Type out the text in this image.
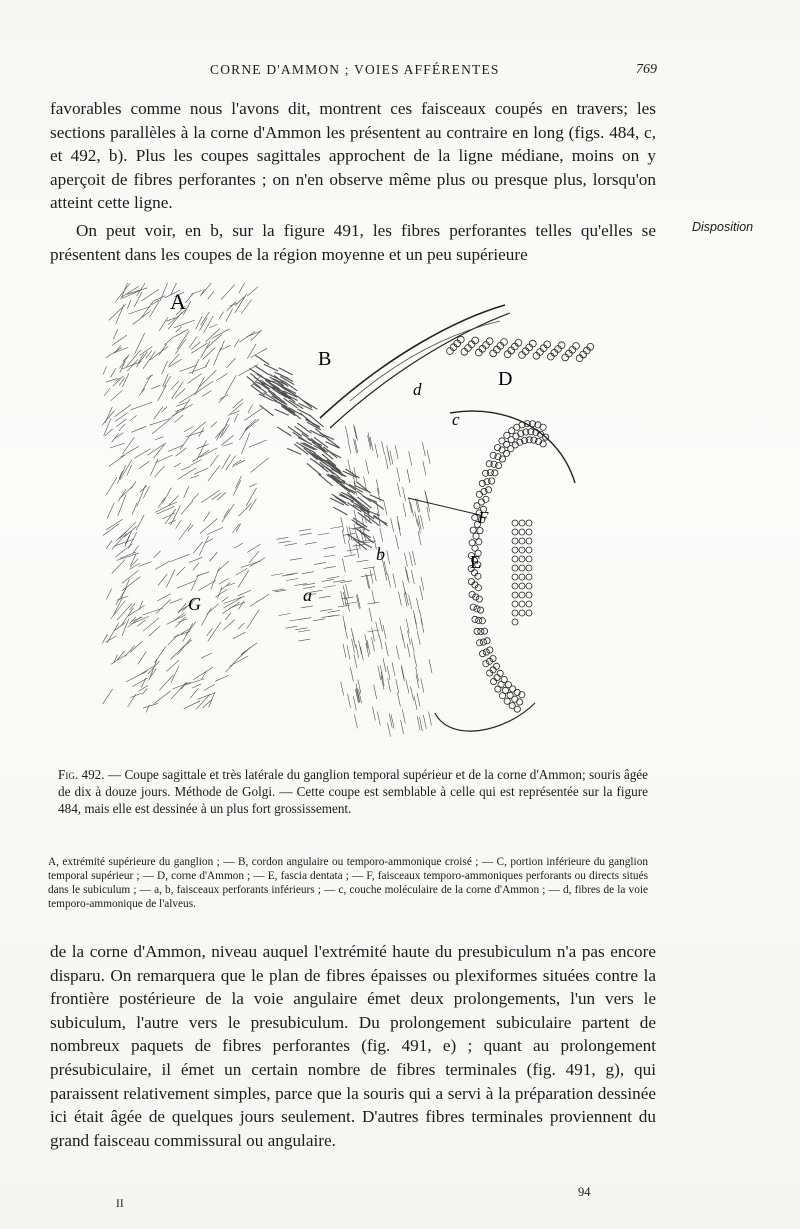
CORNE D'AMMON ; VOIES AFFÉRENTES	769

favorables comme nous l'avons dit, montrent ces faisceaux coupés en travers; les sections parallèles à la corne d'Ammon les présentent au contraire en long (figs. 484, c, et 492, b). Plus les coupes sagittales approchent de la ligne médiane, moins on y aperçoit de fibres perforantes ; on n'en observe même plus ou presque plus, lorsqu'on atteint cette ligne.

On peut voir, en b, sur la figure 491, les fibres perforantes telles qu'elles se présentent dans les coupes de la région moyenne et un peu supérieure

Disposition
A
B
d	D
c
F
b	E
a
G
Fig. 492. — Coupe sagittale et très latérale du ganglion temporal supérieur et de la corne d'Ammon; souris âgée de dix à douze jours. Méthode de Golgi. — Cette coupe est semblable à celle qui est représentée sur la figure 484, mais elle est dessinée à un plus fort grossissement.
A, extrémité supérieure du ganglion ; — B, cordon angulaire ou temporo-ammonique croisé ; — C, portion inférieure du ganglion temporal supérieur ; — D, corne d'Ammon ; — E, fascia dentata ; — F, faisceaux temporo-ammoniques perforants ou directs situés dans le subiculum ; — a, b, faisceaux perforants inférieurs ; — c, couche moléculaire de la corne d'Ammon ; — d, fibres de la voie temporo-ammonique de l'alveus.

de la corne d'Ammon, niveau auquel l'extrémité haute du presubiculum n'a pas encore disparu. On remarquera que le plan de fibres épaisses ou plexiformes situées contre la frontière postérieure de la voie angulaire émet deux prolongements, l'un vers le subiculum, l'autre vers le presubiculum. Du prolongement subiculaire partent de nombreux paquets de fibres perforantes (fig. 491, e) ; quant au prolongement présubiculaire, il émet un certain nombre de fibres terminales (fig. 491, g), qui paraissent relativement simples, parce que la souris qui a servi à la préparation dessinée ici était âgée de quelques jours seulement. D'autres fibres terminales proviennent du grand faisceau commissural ou angulaire.

II
94
